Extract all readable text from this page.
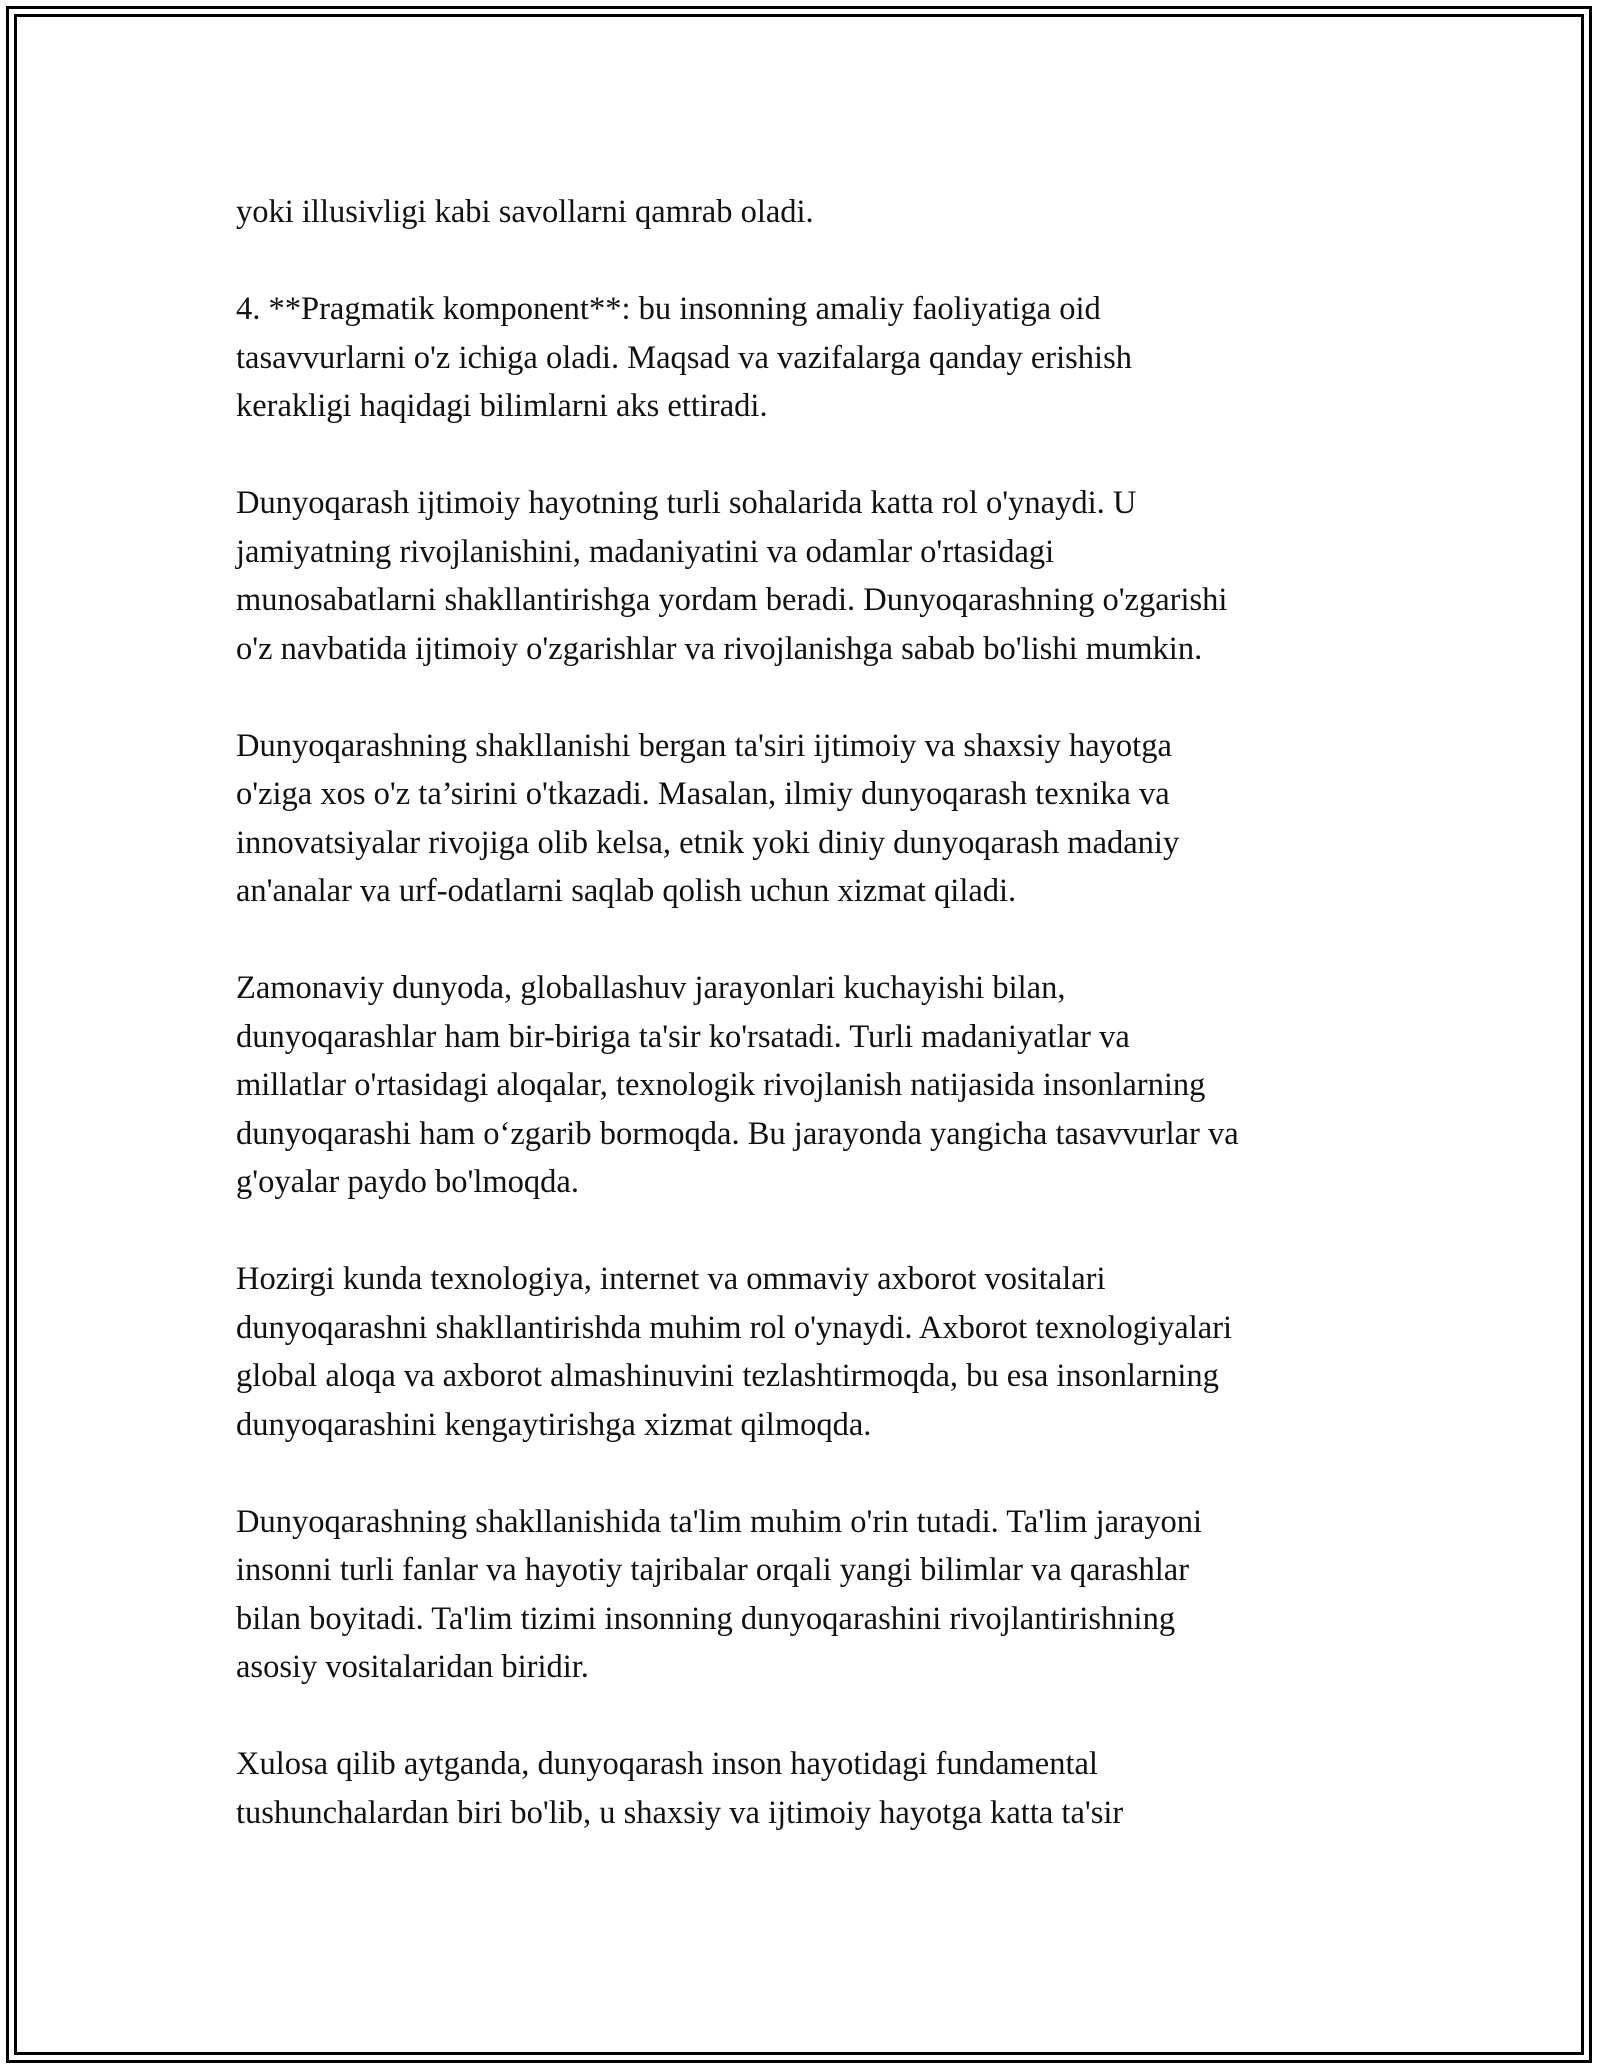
yoki illusivligi kabi savollarni qamrab oladi.

4. **Pragmatik komponent**: bu insonning amaliy faoliyatiga oid
tasavvurlarni o'z ichiga oladi. Maqsad va vazifalarga qanday erishish
kerakligi haqidagi bilimlarni aks ettiradi.

Dunyoqarash ijtimoiy hayotning turli sohalarida katta rol o'ynaydi. U
jamiyatning rivojlanishini, madaniyatini va odamlar o'rtasidagi
munosabatlarni shakllantirishga yordam beradi. Dunyoqarashning o'zgarishi
o'z navbatida ijtimoiy o'zgarishlar va rivojlanishga sabab bo'lishi mumkin.

Dunyoqarashning shakllanishi bergan ta'siri ijtimoiy va shaxsiy hayotga
o'ziga xos o'z ta’sirini o'tkazadi. Masalan, ilmiy dunyoqarash texnika va
innovatsiyalar rivojiga olib kelsa, etnik yoki diniy dunyoqarash madaniy
an'analar va urf-odatlarni saqlab qolish uchun xizmat qiladi.

Zamonaviy dunyoda, globallashuv jarayonlari kuchayishi bilan,
dunyoqarashlar ham bir-biriga ta'sir ko'rsatadi. Turli madaniyatlar va
millatlar o'rtasidagi aloqalar, texnologik rivojlanish natijasida insonlarning
dunyoqarashi ham o‘zgarib bormoqda. Bu jarayonda yangicha tasavvurlar va
g'oyalar paydo bo'lmoqda.

Hozirgi kunda texnologiya, internet va ommaviy axborot vositalari
dunyoqarashni shakllantirishda muhim rol o'ynaydi. Axborot texnologiyalari
global aloqa va axborot almashinuvini tezlashtirmoqda, bu esa insonlarning
dunyoqarashini kengaytirishga xizmat qilmoqda.

Dunyoqarashning shakllanishida ta'lim muhim o'rin tutadi. Ta'lim jarayoni
insonni turli fanlar va hayotiy tajribalar orqali yangi bilimlar va qarashlar
bilan boyitadi. Ta'lim tizimi insonning dunyoqarashini rivojlantirishning
asosiy vositalaridan biridir.

Xulosa qilib aytganda, dunyoqarash inson hayotidagi fundamental
tushunchalardan biri bo'lib, u shaxsiy va ijtimoiy hayotga katta ta'sir
